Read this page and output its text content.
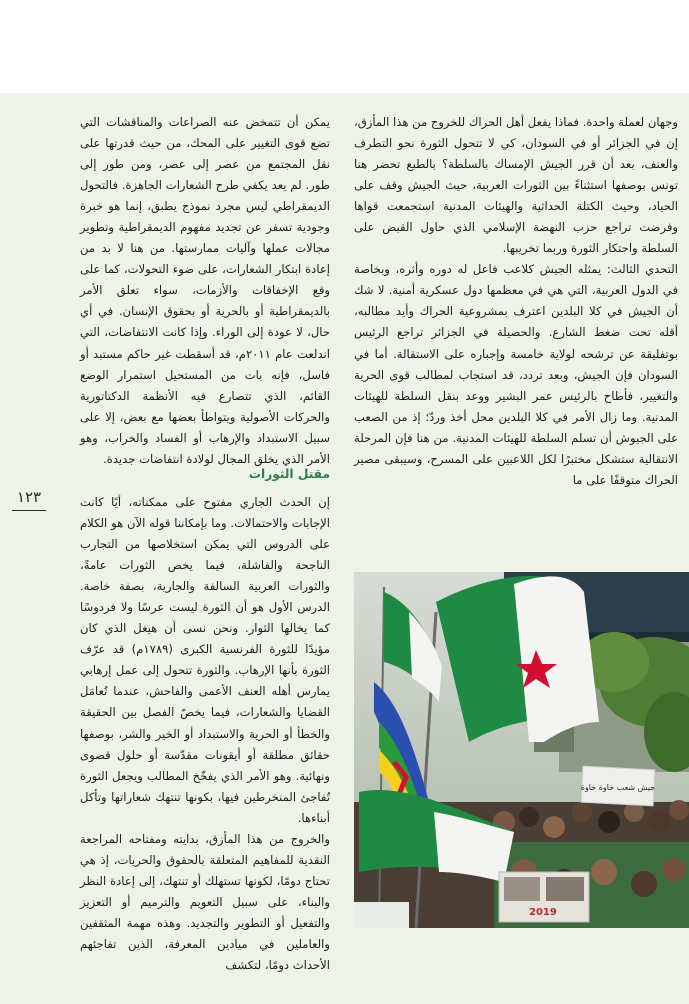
وجهان لعملة واحدة. فماذا يفعل أهل الحراك للخروج من هذا المأزق، إن في الجزائر أو في السودان، كي لا تتحول الثورة نحو التطرف والعنف، بعد أن قرر الجيش الإمساك بالسلطة؟ بالطبع تحضر هنا تونس بوصفها استثناءً بين الثورات العربية، حيث الجيش وقف على الحياد، وحيث الكتلة الحداثية والهيئات المدنية استجمعت قواها وفرضت تراجع حزب النهضة الإسلامي الذي حاول القبض على السلطة واحتكار الثورة وربما تخريبها.

التحدي الثالث: يمثله الجيش كلاعب فاعل له دوره وأثره، وبخاصة في الدول العربية، التي هي في معظمها دول عسكرية أمنية. لا شك أن الجيش في كلا البلدين اعترف بمشروعية الحراك وأيد مطالبه، أقله تحت ضغط الشارع. والحصيلة في الجزائر تراجع الرئيس بوتفليقة عن ترشحه لولاية خامسة وإجباره على الاستقالة. أما في السودان فإن الجيش، وبعد تردد، قد استجاب لمطالب قوى الحرية والتغيير، فأطاح بالرئيس عمر البشير ووعد بنقل السلطة للهيئات المدنية. وما زال الأمر في كلا البلدين محل أخذ وردّ؛ إذ من الصعب على الجيوش أن تسلم السلطة للهيئات المدنية. من هنا فإن المرحلة الانتقالية ستشكل مختبرًا لكل اللاعبين على المسرح، وسيبقى مصير الحراك متوقفًا على ما

يمكن أن تتمخض عنه الصراعات والمناقشات التي تضع قوى التغيير على المحك، من حيث قدرتها على نقل المجتمع من عصر إلى عصر، ومن طور إلى طور. لم يعد يكفي طرح الشعارات الجاهزة. فالتحول الديمقراطي ليس مجرد نموذج يطبق، إنما هو خبرة وجودية تسفر عن تجديد مفهوم الديمقراطية وتطوير مجالات عملها وآليات ممارستها. من هنا لا بد من إعادة ابتكار الشعارات، على ضوء التحولات، كما على وقع الإخفاقات والأزمات، سواء تعلق الأمر بالديمقراطية أو بالحرية أو بحقوق الإنسان. في أي حال، لا عودة إلى الوراء. وإذا كانت الانتفاضات، التي اندلعت عام ٢٠١١م، قد أسقطت غير حاكم مستبد أو فاسل، فإنه بات من المستحيل استمرار الوضع القائم، الذي تتصارع فيه الأنظمة الدكتاتورية والحركات الأصولية ويتواطأ بعضها مع بعض، إلا على سبيل الاستبداد والإرهاب أو الفساد والخراب، وهو الأمر الذي يخلق المجال لولادة انتفاضات جديدة.

مقتل الثورات

إن الحدث الجاري مفتوح على ممكناته، أيًا كانت الإجابات والاحتمالات. وما بإمكاننا قوله الآن هو الكلام على الدروس التي يمكن استخلاصها من التجارب الناجحة والفاشلة، فيما يخص الثورات عامةً، والثورات العربية السالفة والجارية، بصفة خاصة. الدرس الأول هو أن الثورة ليست عرسًا ولا فردوسًا كما يخالها الثوار. ونحن نسى أن هيغل الذي كان مؤيدًا للثورة الفرنسية الكبرى (١٧٨٩م) قد عرّف الثورة بأنها الإرهاب. والثورة تتحول إلى عمل إرهابي يمارس أهله العنف الأعمى والفاحش، عندما تُعامَل القضايا والشعارات، فيما يخصّ الفصل بين الحقيقة والخطأ أو الحرية والاستبداد أو الخير والشر، بوصفها حقائق مطلقة أو أيقونات مقدّسة أو حلول قصوى ونهائية. وهو الأمر الذي يفخّخ المطالب ويجعل الثورة تُفاجئ المنخرطين فيها، بكونها تنتهك شعاراتها وتأكل أبناءها.

والخروج من هذا المأزق، بدايته ومفتاحه المراجعة النقدية للمفاهيم المتعلقة بالحقوق والحريات، إذ هي تحتاج دومًا، لكونها تستهلك أو تنتهك، إلى إعادة النظر والبناء، على سبيل التعويم والترميم أو التعزيز والتفعيل أو التطوير والتجديد. وهذه مهمة المثقفين والعاملين في ميادين المعرفة، الذين تفاجئهم الأحداث دومًا، لتكشف

١٢٣
جيش شعب خاوة خاوة
2019
